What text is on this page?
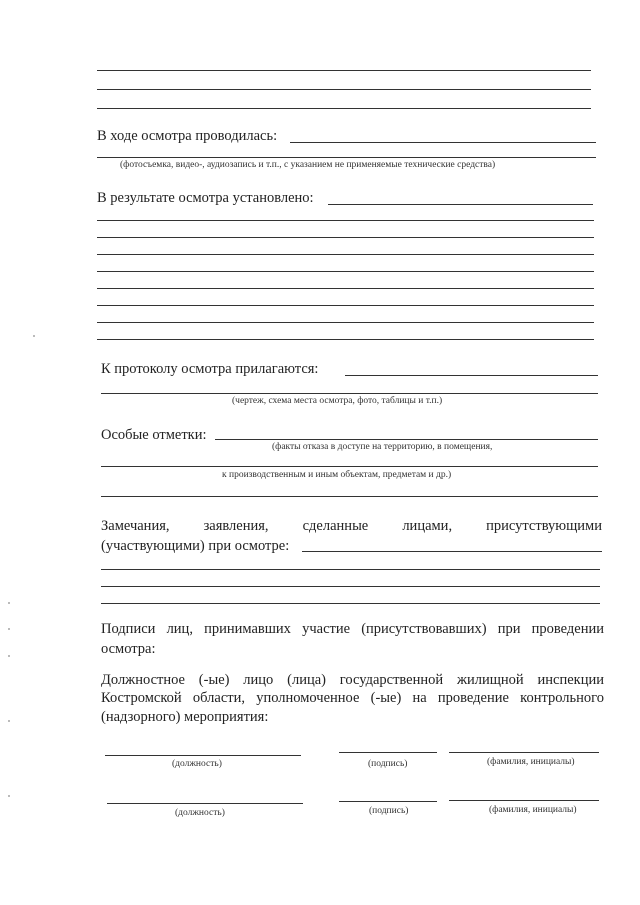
В ходе осмотра проводилась:
(фотосъемка, видео-, аудиозапись и т.п., с указанием не применяемые технические средства)
В результате осмотра установлено:
К протоколу осмотра прилагаются:
(чертеж, схема места осмотра, фото, таблицы и т.п.)
Особые отметки:
(факты отказа в доступе на территорию, в помещения,
к производственным и иным объектам, предметам и др.)
Замечания, заявления, сделанные лицами, присутствующими
(участвующими) при осмотре:
Подписи лиц, принимавших участие (присутствовавших) при проведении
осмотра:
Должностное (-ые) лицо (лица) государственной жилищной инспекции
Костромской области, уполномоченное (-ые) на проведение контрольного
(надзорного) мероприятия:
(должность)	(подпись)	(фамилия, инициалы)
(должность)	(подпись)	(фамилия, инициалы)
